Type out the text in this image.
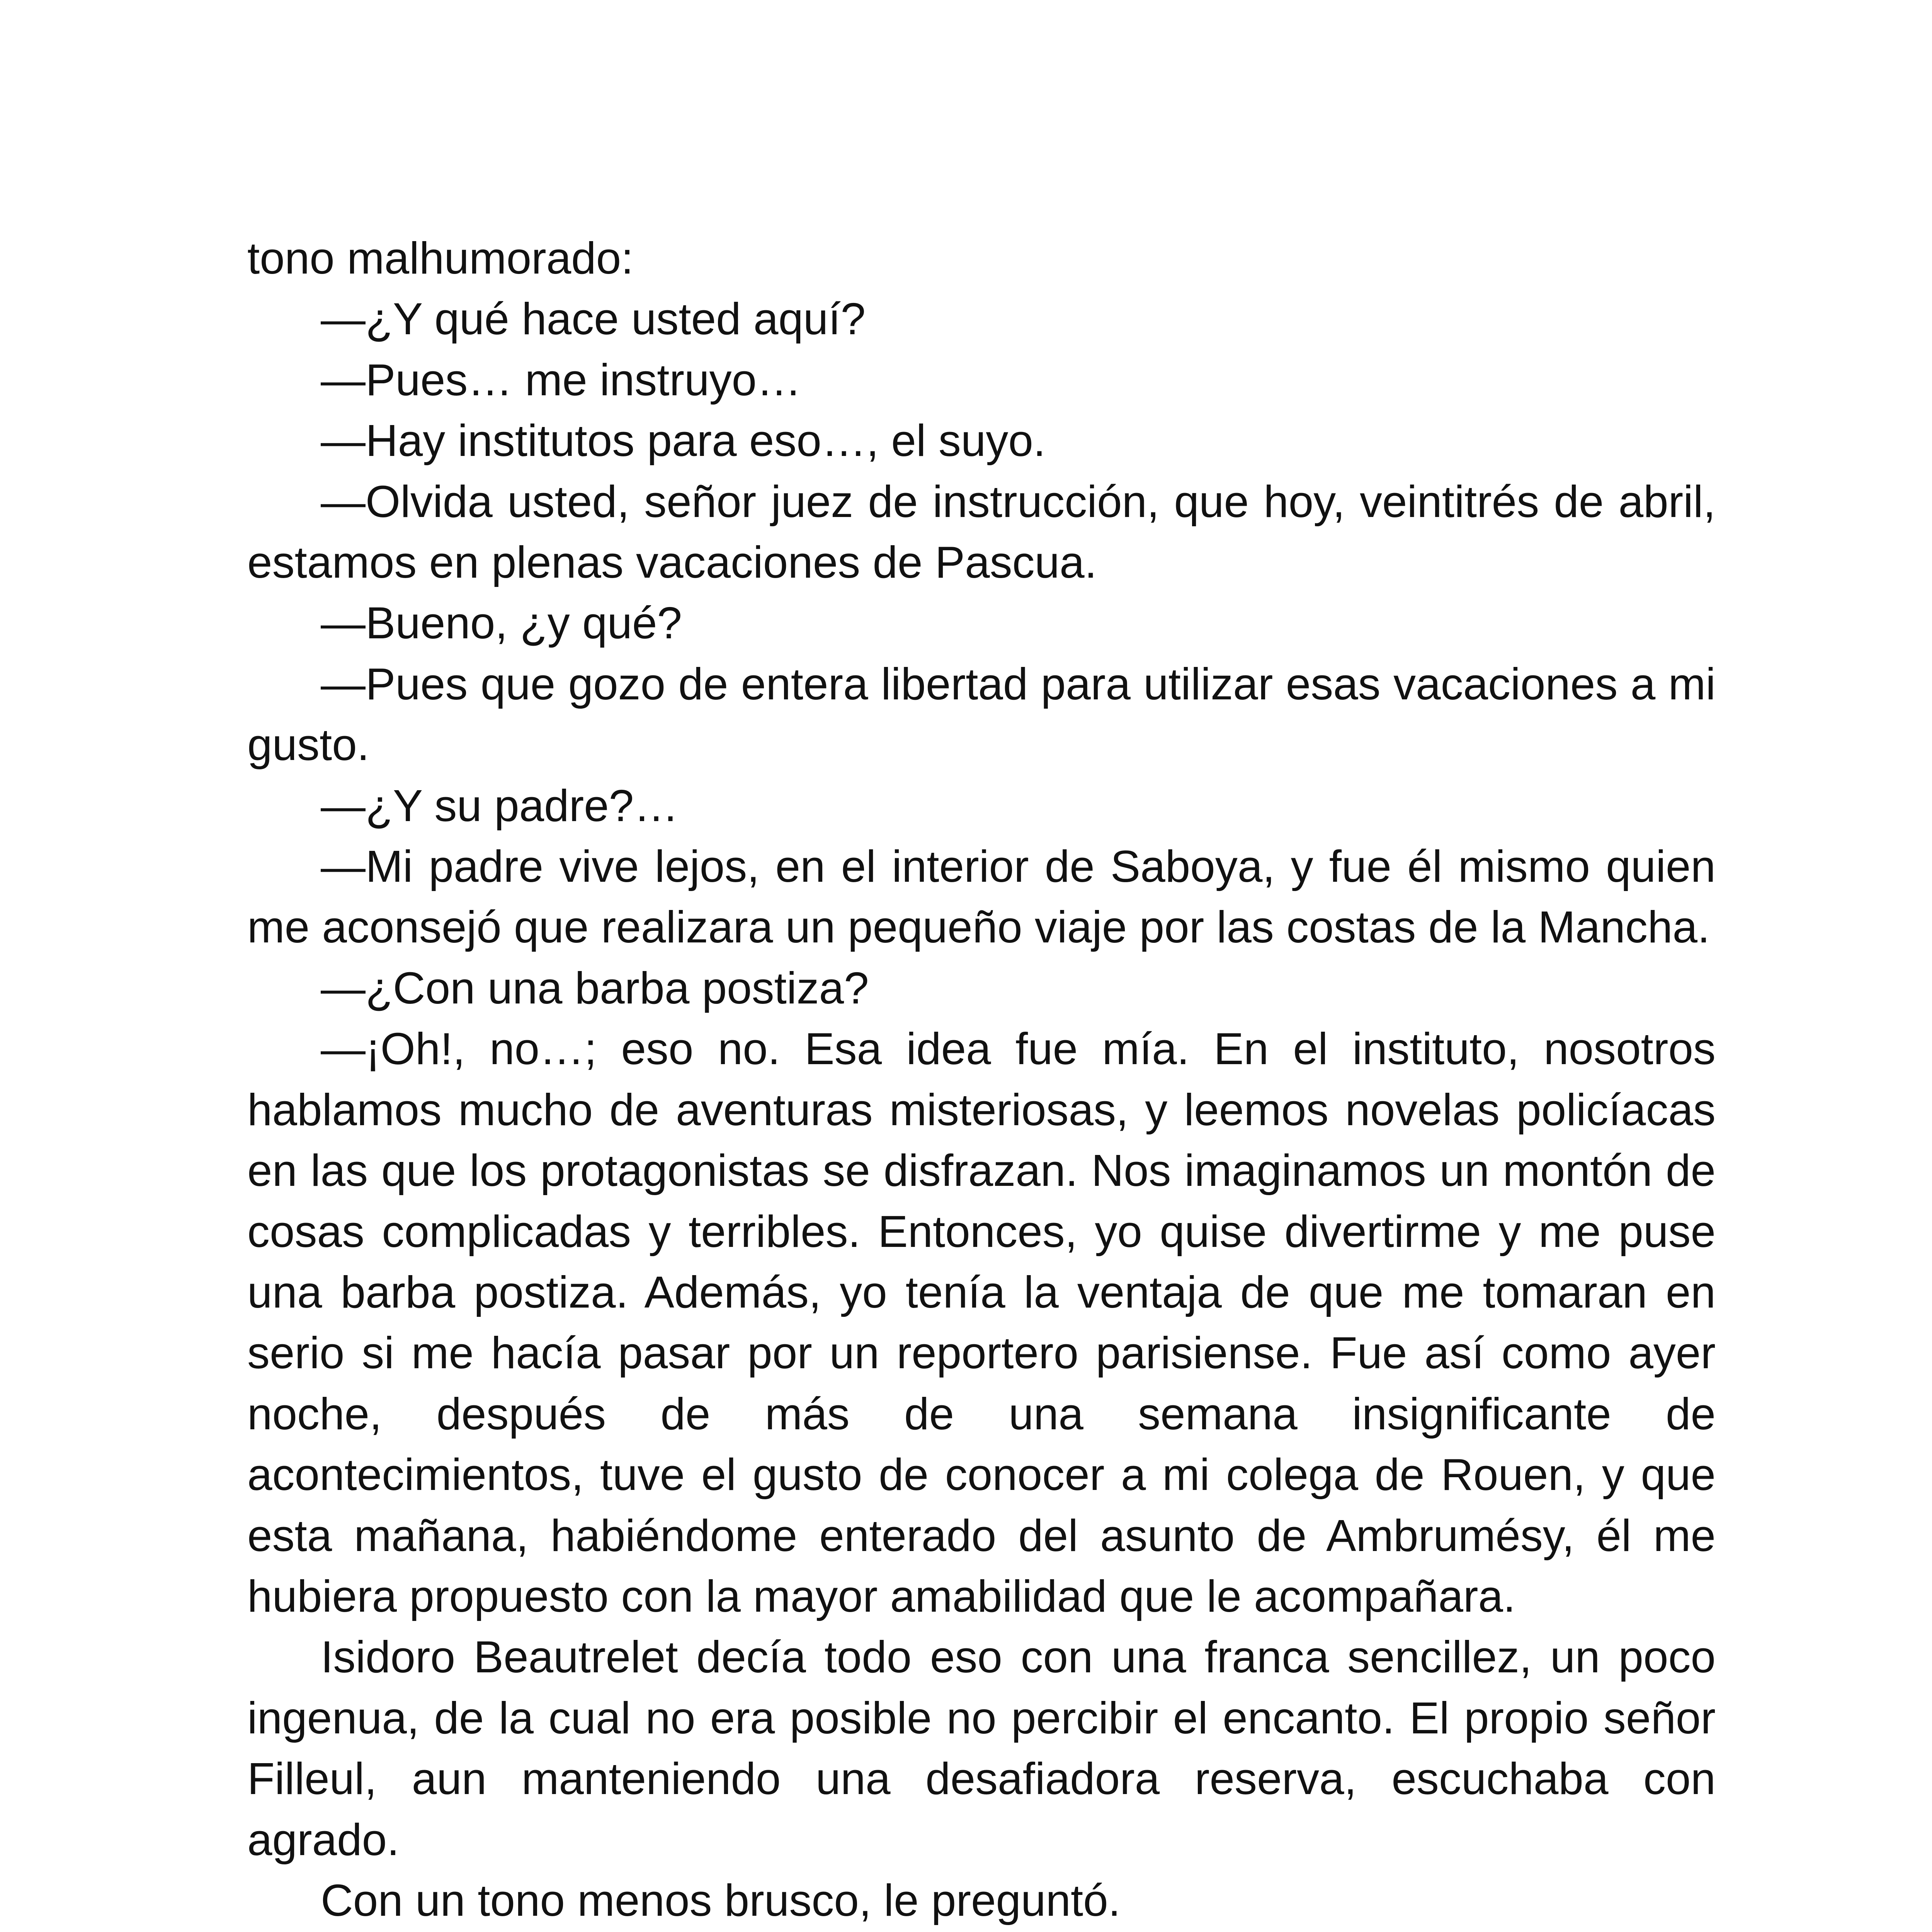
tono malhumorado:

—¿Y qué hace usted aquí?

—Pues… me instruyo…

—Hay institutos para eso…, el suyo.

—Olvida usted, señor juez de instrucción, que hoy, veintitrés de abril, estamos en plenas vacaciones de Pascua.

—Bueno, ¿y qué?

—Pues que gozo de entera libertad para utilizar esas vacaciones a mi gusto.

—¿Y su padre?…

—Mi padre vive lejos, en el interior de Saboya, y fue él mismo quien me aconsejó que realizara un pequeño viaje por las costas de la Mancha.

—¿Con una barba postiza?

—¡Oh!, no…; eso no. Esa idea fue mía. En el instituto, nosotros hablamos mucho de aventuras misteriosas, y leemos novelas policíacas en las que los protagonistas se disfrazan. Nos imaginamos un montón de cosas complicadas y terribles. Entonces, yo quise divertirme y me puse una barba postiza. Además, yo tenía la ventaja de que me tomaran en serio si me hacía pasar por un reportero parisiense. Fue así como ayer noche, después de más de una semana insignificante de acontecimientos, tuve el gusto de conocer a mi colega de Rouen, y que esta mañana, habiéndome enterado del asunto de Ambrumésy, él me hubiera propuesto con la mayor amabilidad que le acompañara.

Isidoro Beautrelet decía todo eso con una franca sencillez, un poco ingenua, de la cual no era posible no percibir el encanto. El propio señor Filleul, aun manteniendo una desafiadora reserva, escuchaba con agrado.

Con un tono menos brusco, le preguntó.
